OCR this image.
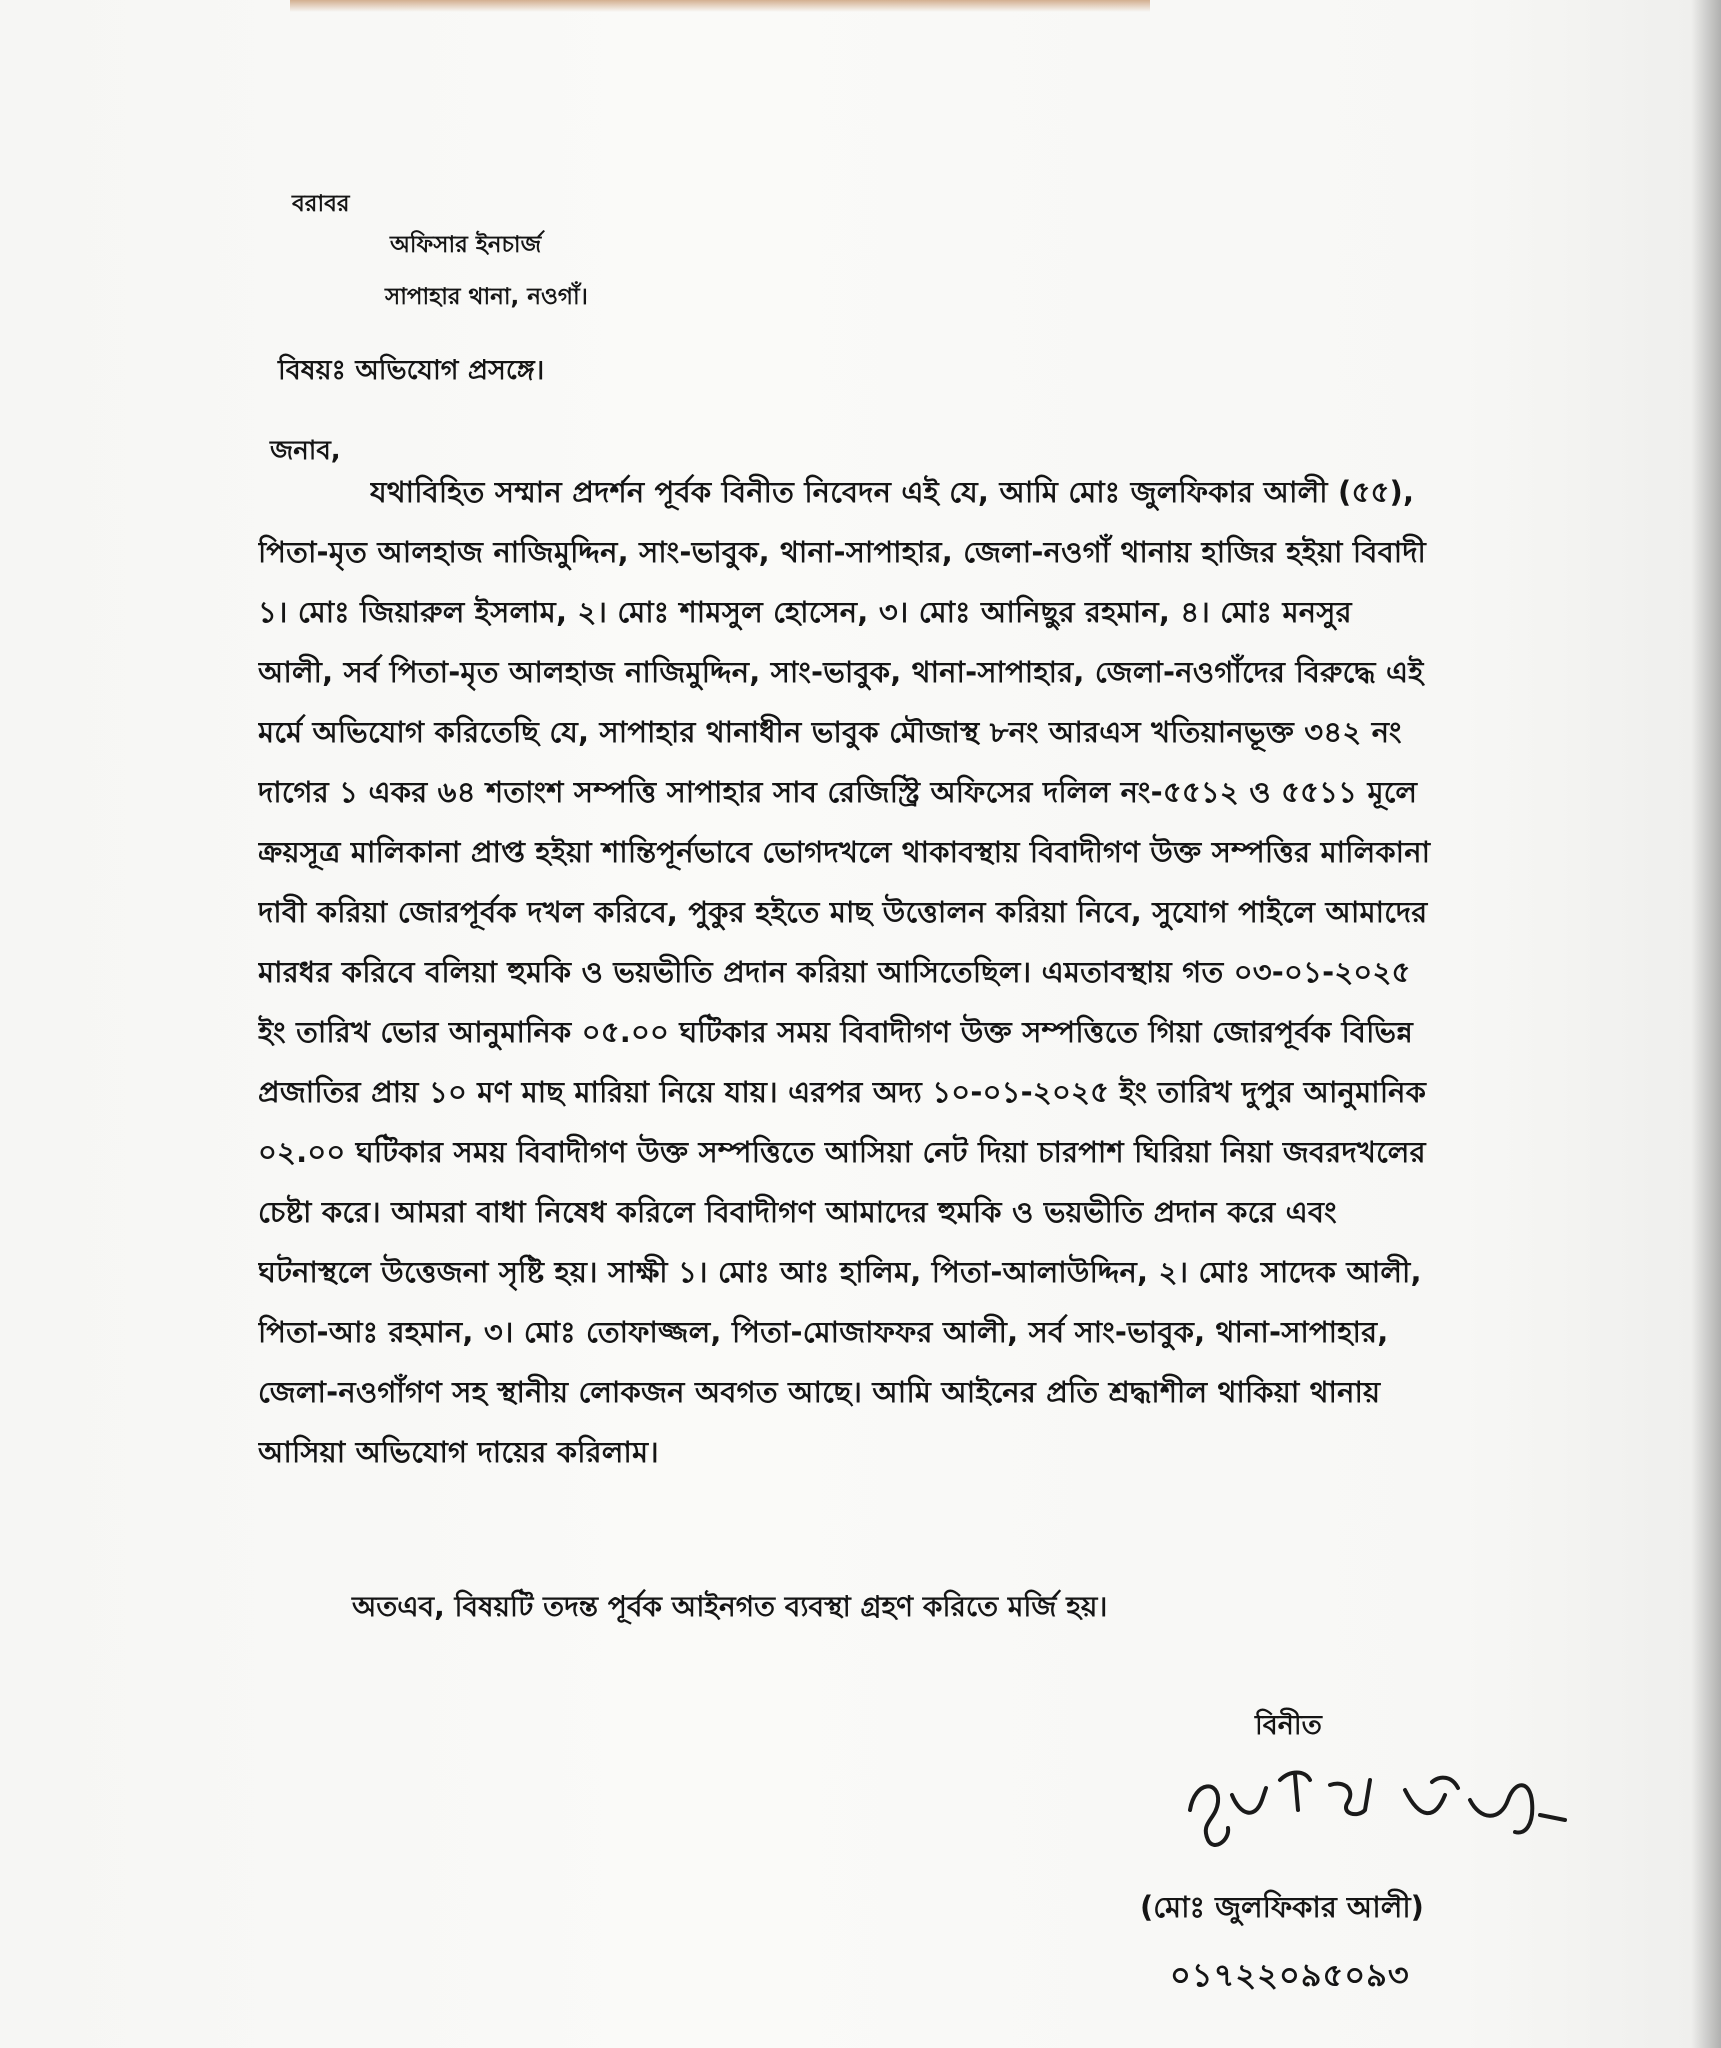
বরাবর
অফিসার ইনচার্জ
সাপাহার থানা, নওগাঁ।
বিষয়ঃ অভিযোগ প্রসঙ্গে।
জনাব,
যথাবিহিত সম্মান প্রদর্শন পূর্বক বিনীত নিবেদন এই যে, আমি মোঃ জুলফিকার আলী (৫৫),
পিতা-মৃত আলহাজ নাজিমুদ্দিন, সাং-ভাবুক, থানা-সাপাহার, জেলা-নওগাঁ থানায় হাজির হইয়া বিবাদী
১। মোঃ জিয়ারুল ইসলাম, ২। মোঃ শামসুল হোসেন, ৩। মোঃ আনিছুর রহমান, ৪। মোঃ মনসুর
আলী, সর্ব পিতা-মৃত আলহাজ নাজিমুদ্দিন, সাং-ভাবুক, থানা-সাপাহার, জেলা-নওগাঁদের বিরুদ্ধে এই
মর্মে অভিযোগ করিতেছি যে, সাপাহার থানাধীন ভাবুক মৌজাস্থ ৮নং আরএস খতিয়ানভূক্ত ৩৪২ নং
দাগের ১ একর ৬৪ শতাংশ সম্পত্তি সাপাহার সাব রেজিস্ট্রি অফিসের দলিল নং-৫৫১২ ও ৫৫১১ মূলে
ক্রয়সূত্র মালিকানা প্রাপ্ত হইয়া শান্তিপূর্নভাবে ভোগদখলে থাকাবস্থায় বিবাদীগণ উক্ত সম্পত্তির মালিকানা
দাবী করিয়া জোরপূর্বক দখল করিবে, পুকুর হইতে মাছ উত্তোলন করিয়া নিবে, সুযোগ পাইলে আমাদের
মারধর করিবে বলিয়া হুমকি ও ভয়ভীতি প্রদান করিয়া আসিতেছিল। এমতাবস্থায় গত ০৩-০১-২০২৫
ইং তারিখ ভোর আনুমানিক ০৫.০০ ঘটিকার সময় বিবাদীগণ উক্ত সম্পত্তিতে গিয়া জোরপূর্বক বিভিন্ন
প্রজাতির প্রায় ১০ মণ মাছ মারিয়া নিয়ে যায়। এরপর অদ্য ১০-০১-২০২৫ ইং তারিখ দুপুর আনুমানিক
০২.০০ ঘটিকার সময় বিবাদীগণ উক্ত সম্পত্তিতে আসিয়া নেট দিয়া চারপাশ ঘিরিয়া নিয়া জবরদখলের
চেষ্টা করে। আমরা বাধা নিষেধ করিলে বিবাদীগণ আমাদের হুমকি ও ভয়ভীতি প্রদান করে এবং
ঘটনাস্থলে উত্তেজনা সৃষ্টি হয়। সাক্ষী ১। মোঃ আঃ হালিম, পিতা-আলাউদ্দিন, ২। মোঃ সাদেক আলী,
পিতা-আঃ রহমান, ৩। মোঃ তোফাজ্জল, পিতা-মোজাফফর আলী, সর্ব সাং-ভাবুক, থানা-সাপাহার,
জেলা-নওগাঁগণ সহ স্থানীয় লোকজন অবগত আছে। আমি আইনের প্রতি শ্রদ্ধাশীল থাকিয়া থানায়
আসিয়া অভিযোগ দায়ের করিলাম।
অতএব, বিষয়টি তদন্ত পূর্বক আইনগত ব্যবস্থা গ্রহণ করিতে মর্জি হয়।
বিনীত
(মোঃ জুলফিকার আলী)
০১৭২২০৯৫০৯৩
